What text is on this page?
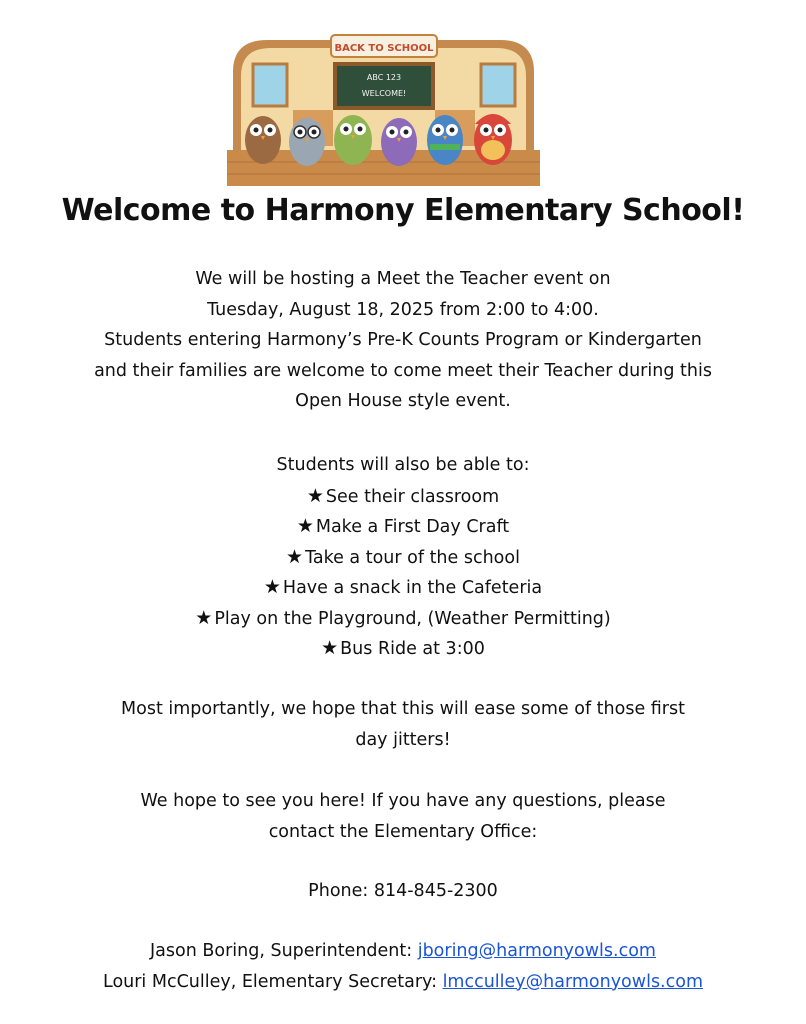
BACK TO SCHOOL
ABC 123
WELCOME!
Welcome to Harmony Elementary School!
We will be hosting a Meet the Teacher event on
Tuesday, August 18, 2025 from 2:00 to 4:00.
Students entering Harmony’s Pre-K Counts Program or Kindergarten
and their families are welcome to come meet their Teacher during this
Open House style event.
Students will also be able to:
★ See their classroom
★ Make a First Day Craft
★ Take a tour of the school
★ Have a snack in the Cafeteria
★ Play on the Playground, (Weather Permitting)
★ Bus Ride at 3:00
Most importantly, we hope that this will ease some of those first
day jitters!
We hope to see you here! If you have any questions, please
contact the Elementary Office:
Phone: 814-845-2300
Jason Boring, Superintendent: jboring@harmonyowls.com
Louri McCulley, Elementary Secretary: lmcculley@harmonyowls.com
